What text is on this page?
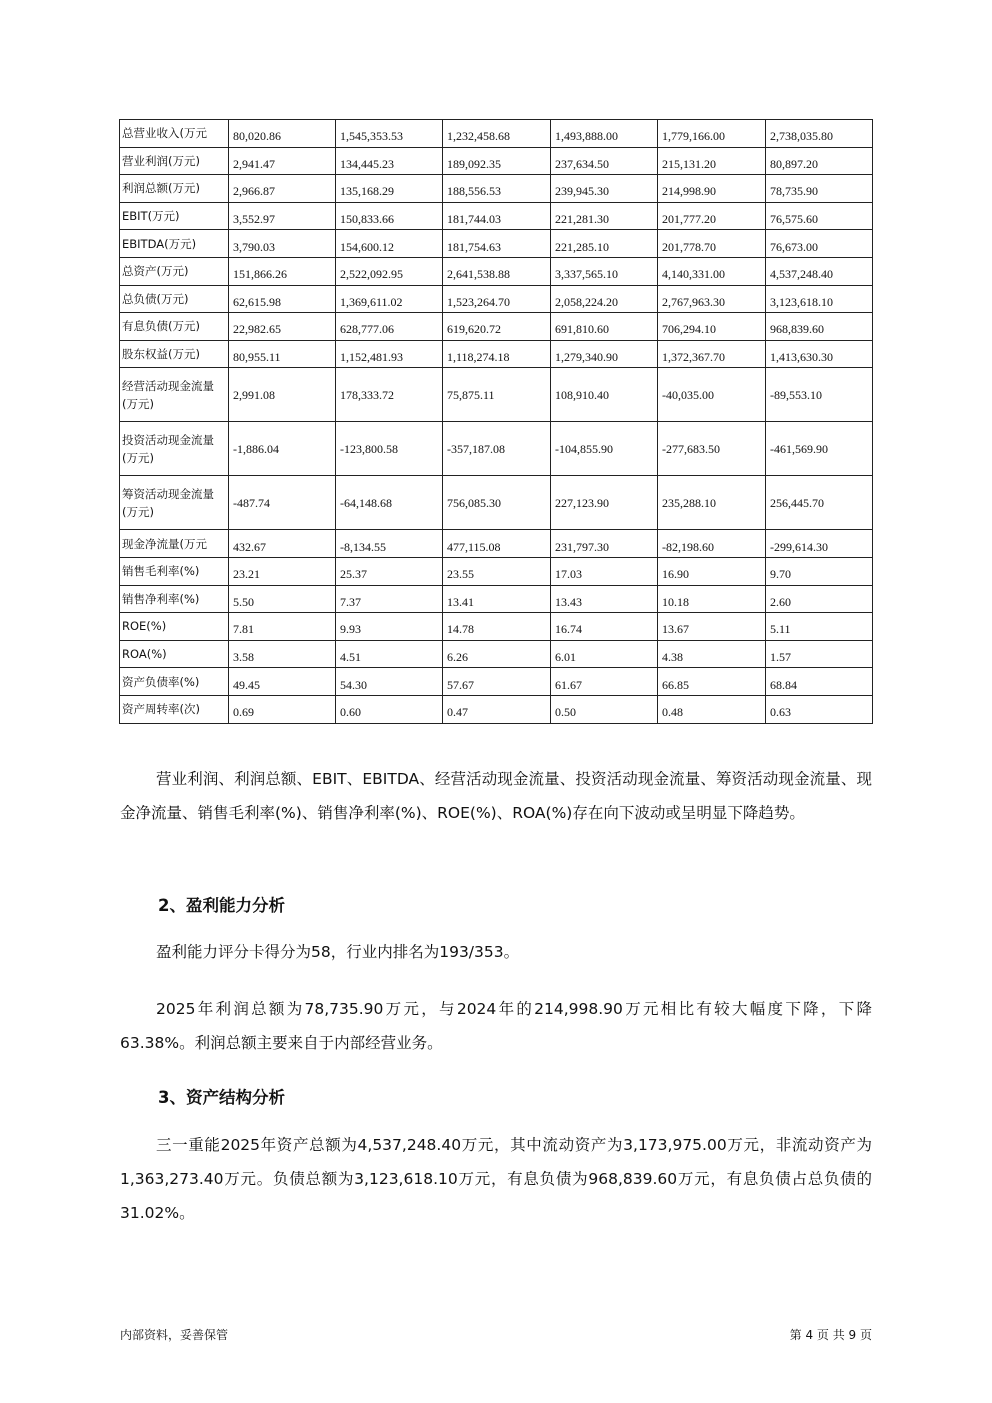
总营业收入(万元	80,020.86	1,545,353.53	1,232,458.68	1,493,888.00	1,779,166.00	2,738,035.80
营业利润(万元)	2,941.47	134,445.23	189,092.35	237,634.50	215,131.20	80,897.20
利润总额(万元)	2,966.87	135,168.29	188,556.53	239,945.30	214,998.90	78,735.90
EBIT(万元)	3,552.97	150,833.66	181,744.03	221,281.30	201,777.20	76,575.60
EBITDA(万元)	3,790.03	154,600.12	181,754.63	221,285.10	201,778.70	76,673.00
总资产(万元)	151,866.26	2,522,092.95	2,641,538.88	3,337,565.10	4,140,331.00	4,537,248.40
总负债(万元)	62,615.98	1,369,611.02	1,523,264.70	2,058,224.20	2,767,963.30	3,123,618.10
有息负债(万元)	22,982.65	628,777.06	619,620.72	691,810.60	706,294.10	968,839.60
股东权益(万元)	80,955.11	1,152,481.93	1,118,274.18	1,279,340.90	1,372,367.70	1,413,630.30
经营活动现金流量(万元)	2,991.08	178,333.72	75,875.11	108,910.40	-40,035.00	-89,553.10
投资活动现金流量(万元)	-1,886.04	-123,800.58	-357,187.08	-104,855.90	-277,683.50	-461,569.90
筹资活动现金流量(万元)	-487.74	-64,148.68	756,085.30	227,123.90	235,288.10	256,445.70
现金净流量(万元	432.67	-8,134.55	477,115.08	231,797.30	-82,198.60	-299,614.30
销售毛利率(%)	23.21	25.37	23.55	17.03	16.90	9.70
销售净利率(%)	5.50	7.37	13.41	13.43	10.18	2.60
ROE(%)	7.81	9.93	14.78	16.74	13.67	5.11
ROA(%)	3.58	4.51	6.26	6.01	4.38	1.57
资产负债率(%)	49.45	54.30	57.67	61.67	66.85	68.84
资产周转率(次)	0.69	0.60	0.47	0.50	0.48	0.63
营业利润、利润总额、EBIT、EBITDA、经营活动现金流量、投资活动现金流量、筹资活动现金流量、现金净流量、销售毛利率(%)、销售净利率(%)、ROE(%)、ROA(%)存在向下波动或呈明显下降趋势。
2、盈利能力分析
盈利能力评分卡得分为58，行业内排名为193/353。
2025年利润总额为78,735.90万元，与2024年的214,998.90万元相比有较大幅度下降，下降63.38%。利润总额主要来自于内部经营业务。
3、资产结构分析
三一重能2025年资产总额为4,537,248.40万元，其中流动资产为3,173,975.00万元，非流动资产为1,363,273.40万元。负债总额为3,123,618.10万元，有息负债为968,839.60万元，有息负债占总负债的31.02%。
内部资料，妥善保管	第 4 页 共 9 页
